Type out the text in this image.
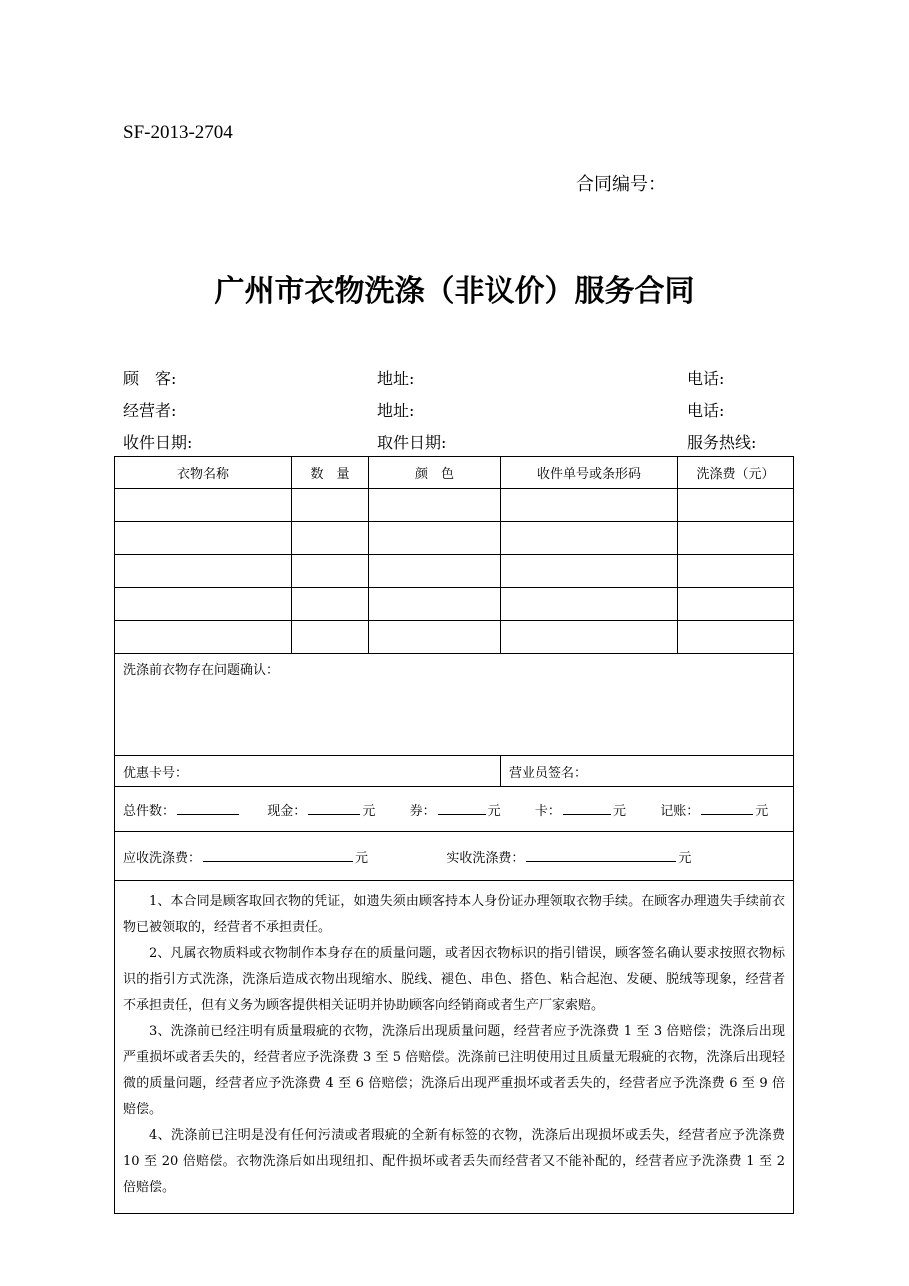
SF-2013-2704
合同编号：
广州市衣物洗涤（非议价）服务合同
顾　客:	地址:	电话:
经营者:	地址:	电话:
收件日期:	取件日期:	服务热线:
衣物名称	数　量	颜　色	收件单号或条形码	洗涤费（元）

洗涤前衣物存在问题确认：				
优惠卡号：			营业员签名：	
总件数： 现金： 元 券： 元 卡： 元 记账： 元				
应收洗涤费： 元 实收洗涤费： 元				

1、本合同是顾客取回衣物的凭证，如遗失须由顾客持本人身份证办理领取衣物手续。在顾客办理遗失手续前衣物已被领取的，经营者不承担责任。

2、凡属衣物质料或衣物制作本身存在的质量问题，或者因衣物标识的指引错误，顾客签名确认要求按照衣物标识的指引方式洗涤，洗涤后造成衣物出现缩水、脱线、褪色、串色、搭色、粘合起泡、发硬、脱绒等现象，经营者不承担责任，但有义务为顾客提供相关证明并协助顾客向经销商或者生产厂家索赔。

3、洗涤前已经注明有质量瑕疵的衣物，洗涤后出现质量问题，经营者应予洗涤费 1 至 3 倍赔偿；洗涤后出现严重损坏或者丢失的，经营者应予洗涤费 3 至 5 倍赔偿。洗涤前已注明使用过且质量无瑕疵的衣物，洗涤后出现轻微的质量问题，经营者应予洗涤费 4 至 6 倍赔偿；洗涤后出现严重损坏或者丢失的，经营者应予洗涤费 6 至 9 倍赔偿。

4、洗涤前已注明是没有任何污渍或者瑕疵的全新有标签的衣物，洗涤后出现损坏或丢失，经营者应予洗涤费 10 至 20 倍赔偿。衣物洗涤后如出现纽扣、配件损坏或者丢失而经营者又不能补配的，经营者应予洗涤费 1 至 2 倍赔偿。				
